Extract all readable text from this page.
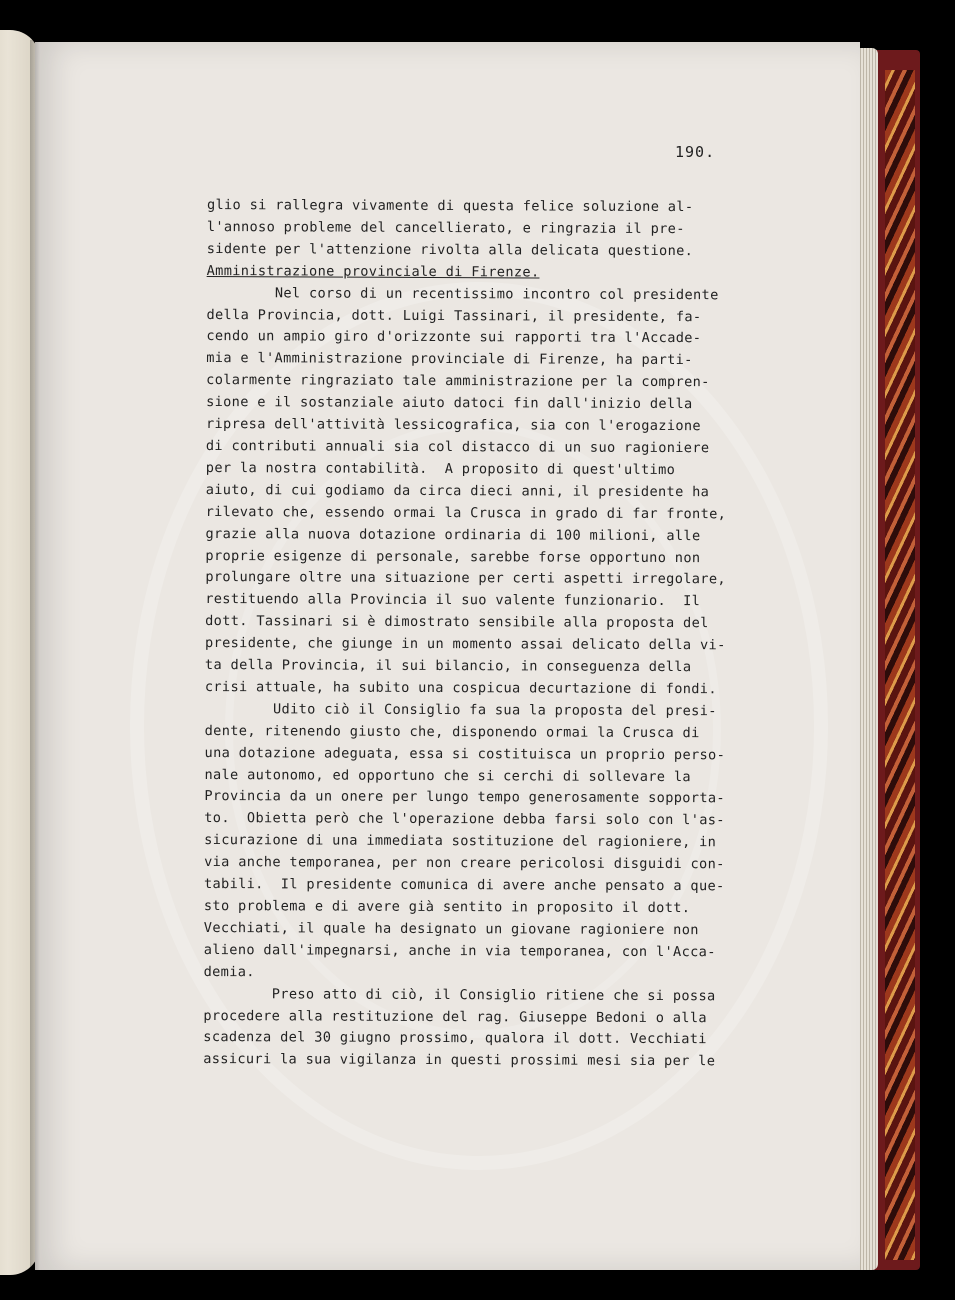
190.
glio si rallegra vivamente di questa felice soluzione al-
l'annoso probleme del cancellierato, e ringrazia il pre-
sidente per l'attenzione rivolta alla delicata questione.
Amministrazione provinciale di Firenze.
Nel corso di un recentissimo incontro col presidente
della Provincia, dott. Luigi Tassinari, il presidente, fa-
cendo un ampio giro d'orizzonte sui rapporti tra l'Accade-
mia e l'Amministrazione provinciale di Firenze, ha parti-
colarmente ringraziato tale amministrazione per la compren-
sione e il sostanziale aiuto datoci fin dall'inizio della
ripresa dell'attività lessicografica, sia con l'erogazione
di contributi annuali sia col distacco di un suo ragioniere
per la nostra contabilità.  A proposito di quest'ultimo
aiuto, di cui godiamo da circa dieci anni, il presidente ha
rilevato che, essendo ormai la Crusca in grado di far fronte,
grazie alla nuova dotazione ordinaria di 100 milioni, alle
proprie esigenze di personale, sarebbe forse opportuno non
prolungare oltre una situazione per certi aspetti irregolare,
restituendo alla Provincia il suo valente funzionario.  Il
dott. Tassinari si è dimostrato sensibile alla proposta del
presidente, che giunge in un momento assai delicato della vi-
ta della Provincia, il sui bilancio, in conseguenza della
crisi attuale, ha subito una cospicua decurtazione di fondi.
Udito ciò il Consiglio fa sua la proposta del presi-
dente, ritenendo giusto che, disponendo ormai la Crusca di
una dotazione adeguata, essa si costituisca un proprio perso-
nale autonomo, ed opportuno che si cerchi di sollevare la
Provincia da un onere per lungo tempo generosamente sopporta-
to.  Obietta però che l'operazione debba farsi solo con l'as-
sicurazione di una immediata sostituzione del ragioniere, in
via anche temporanea, per non creare pericolosi disguidi con-
tabili.  Il presidente comunica di avere anche pensato a que-
sto problema e di avere già sentito in proposito il dott.
Vecchiati, il quale ha designato un giovane ragioniere non
alieno dall'impegnarsi, anche in via temporanea, con l'Acca-
demia.
Preso atto di ciò, il Consiglio ritiene che si possa
procedere alla restituzione del rag. Giuseppe Bedoni o alla
scadenza del 30 giugno prossimo, qualora il dott. Vecchiati
assicuri la sua vigilanza in questi prossimi mesi sia per le
